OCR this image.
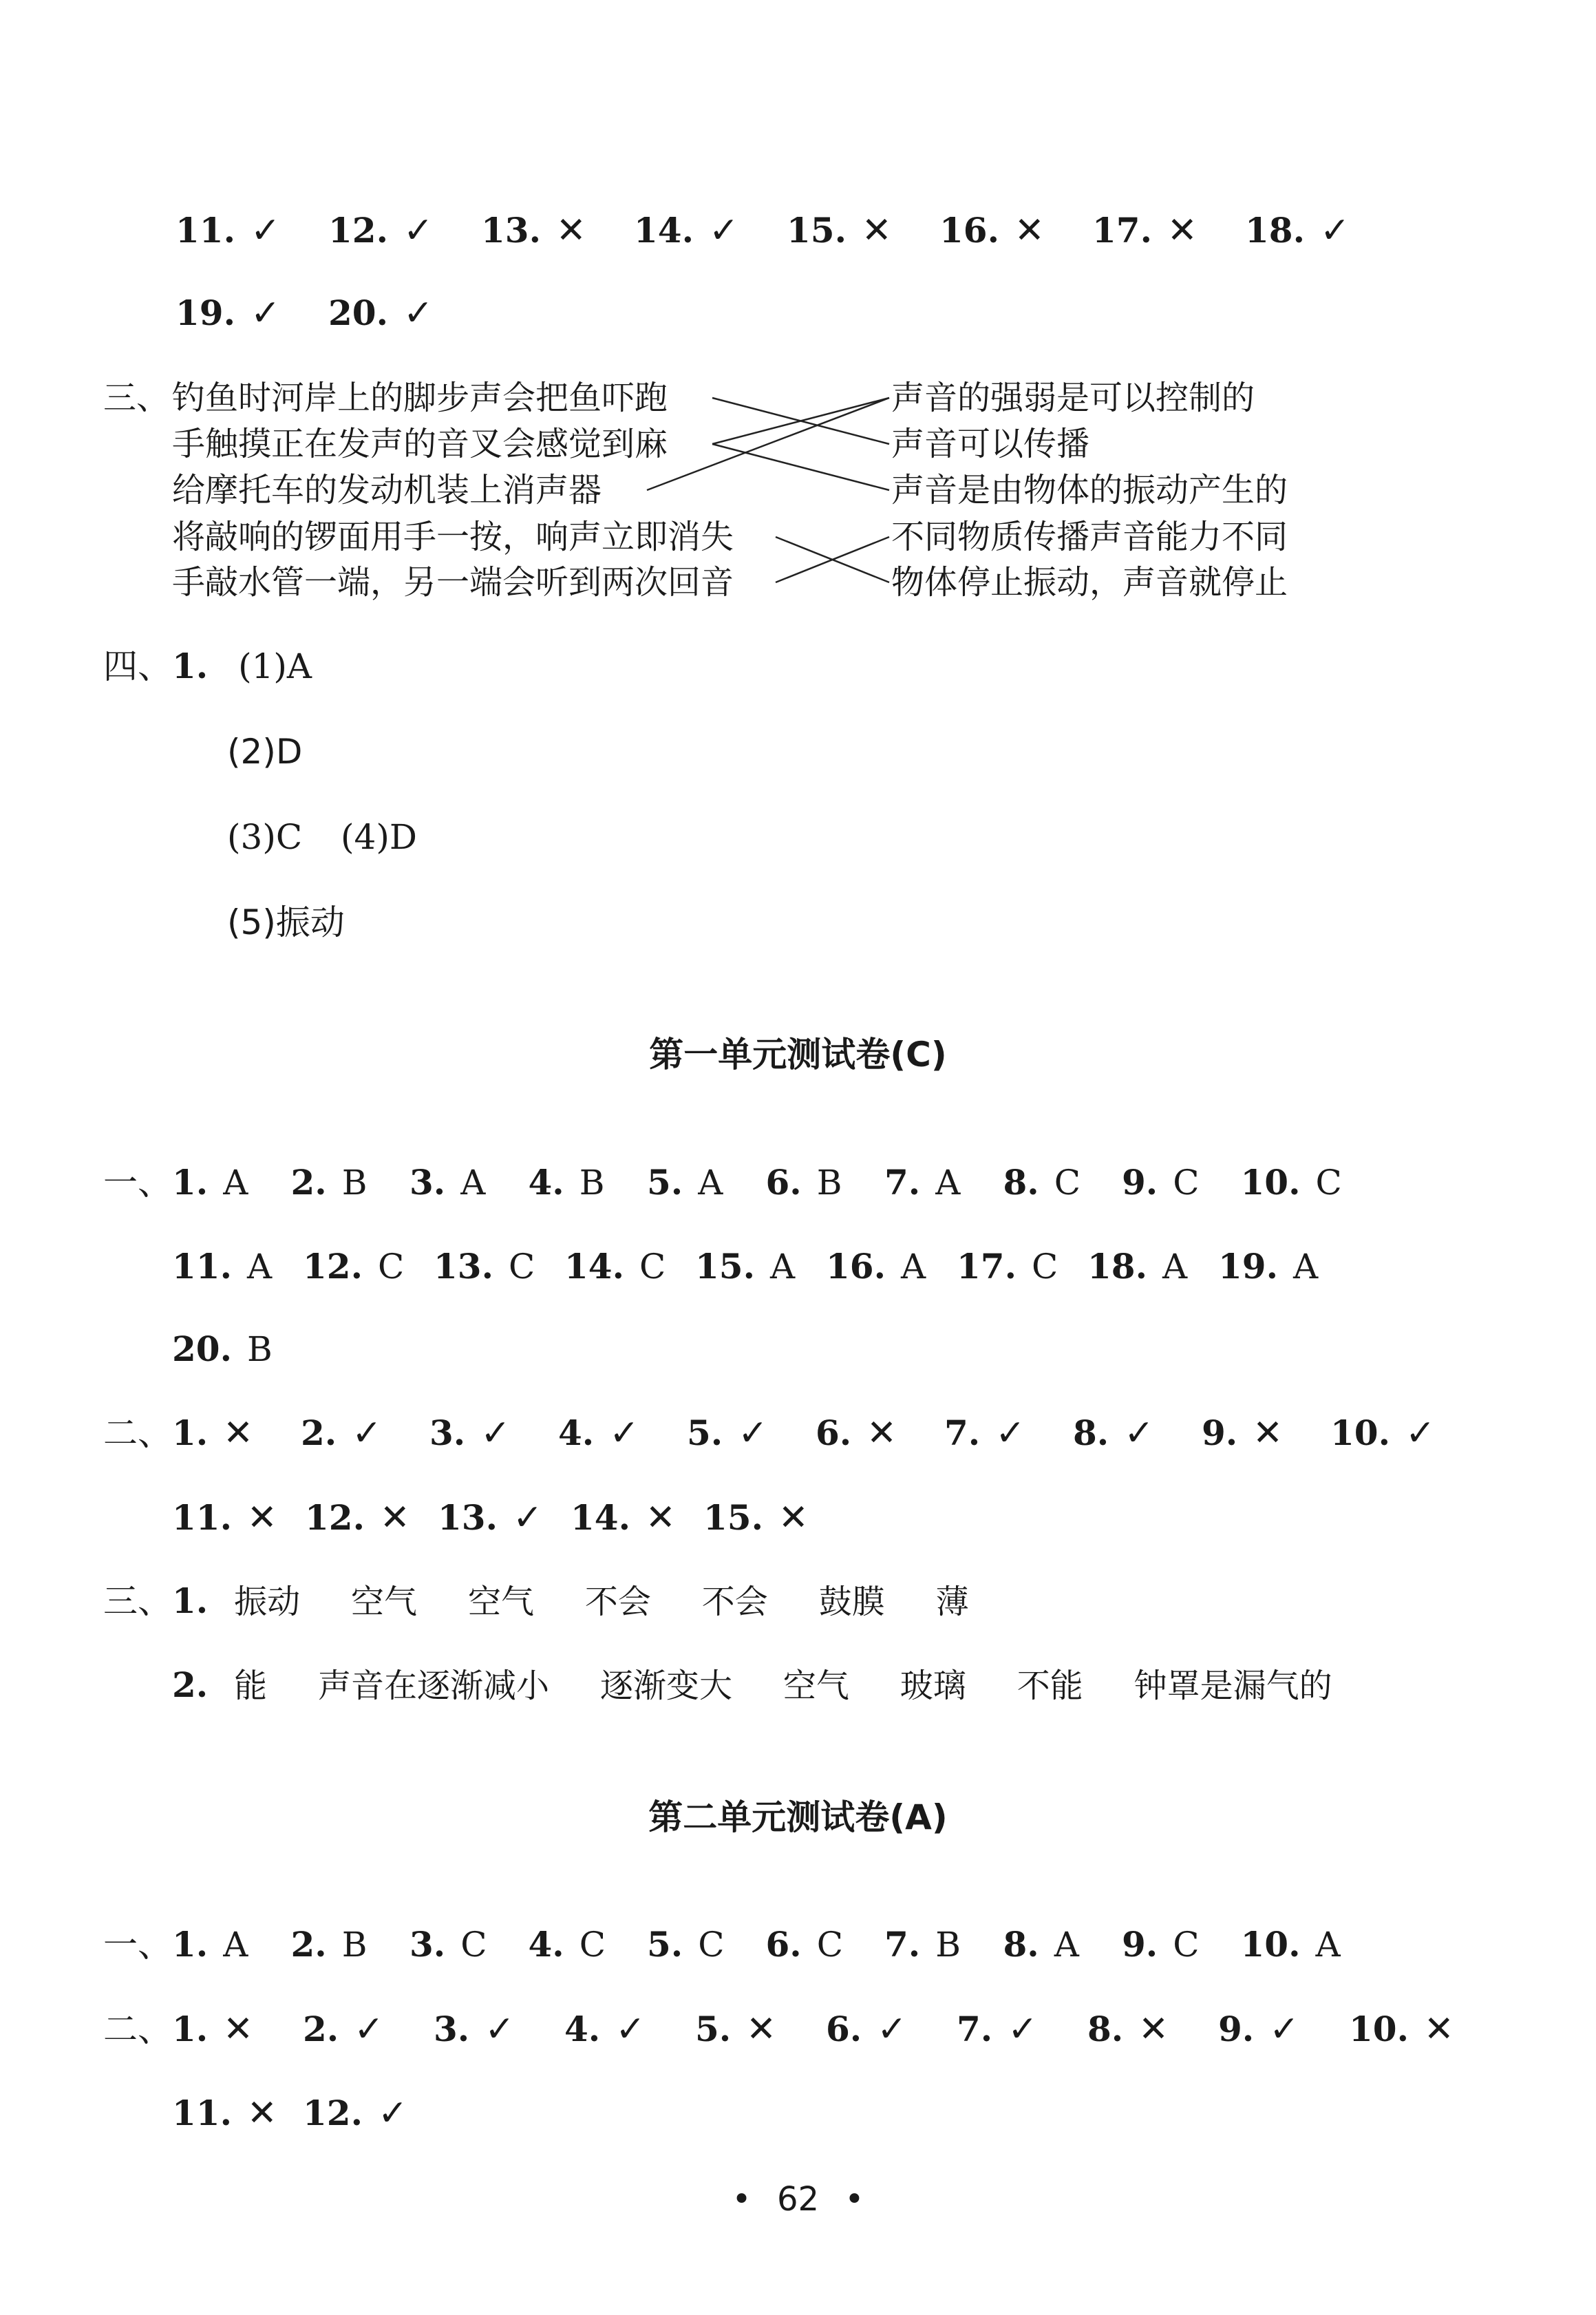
11. ✓ 12. ✓ 13. ✕ 14. ✓ 15. ✕ 16. ✕ 17. ✕ 18. ✓
19. ✓ 20. ✓
三、 钓鱼时河岸上的脚步声会把鱼吓跑
手触摸正在发声的音叉会感觉到麻
给摩托车的发动机装上消声器
将敲响的锣面用手一按，响声立即消失
手敲水管一端，另一端会听到两次回音
声音的强弱是可以控制的
声音可以传播
声音是由物体的振动产生的
不同物质传播声音能力不同
物体停止振动，声音就停止
四、1. (1)A
(2)D
(3)C (4)D
(5)振动
第一单元测试卷(C)
一、 1. A 2. B 3. A 4. B 5. A 6. B 7. A 8. C 9. C 10. C
11. A 12. C 13. C 14. C 15. A 16. A 17. C 18. A 19. A
20. B
二、 1. ✕ 2. ✓ 3. ✓ 4. ✓ 5. ✓ 6. ✕ 7. ✓ 8. ✓ 9. ✕ 10. ✓
11. ✕ 12. ✕ 13. ✓ 14. ✕ 15. ✕
三、 1. 振动 空气 空气 不会 不会 鼓膜 薄
2. 能 声音在逐渐减小 逐渐变大 空气 玻璃 不能 钟罩是漏气的
第二单元测试卷(A)
一、 1. A 2. B 3. C 4. C 5. C 6. C 7. B 8. A 9. C 10. A
二、 1. ✕ 2. ✓ 3. ✓ 4. ✓ 5. ✕ 6. ✓ 7. ✓ 8. ✕ 9. ✓ 10. ✕
11. ✕ 12. ✓
• 62 •
